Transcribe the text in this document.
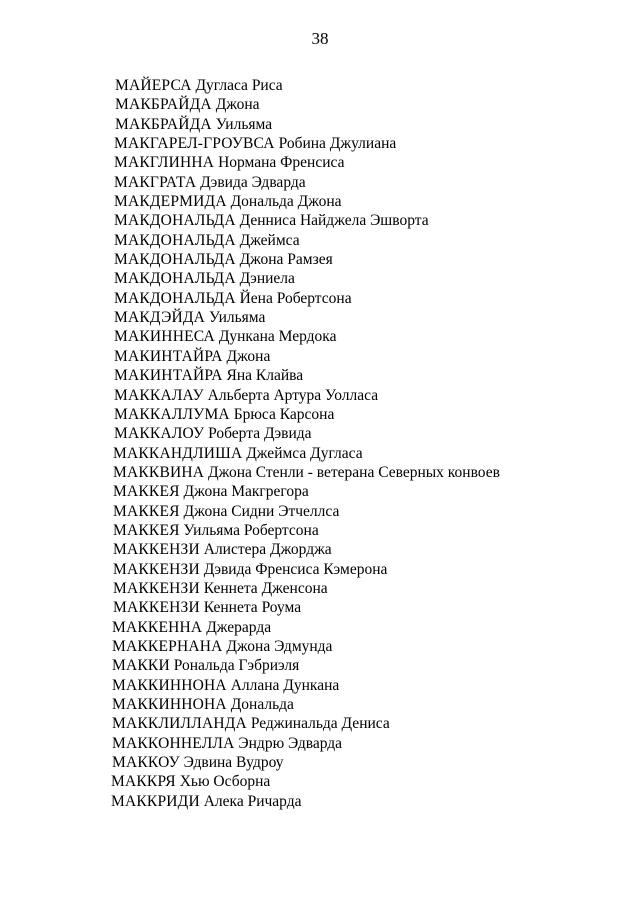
38
МАЙЕРСА Дугласа Риса
МАКБРАЙДА Джона
МАКБРАЙДА Уильяма
МАКГАРЕЛ-ГРОУВСА Робина Джулиана
МАКГЛИННА Нормана Френсиса
МАКГРАТА Дэвида Эдварда
МАКДЕРМИДА Дональда Джона
МАКДОНАЛЬДА Денниса Найджела Эшворта
МАКДОНАЛЬДА Джеймса
МАКДОНАЛЬДА Джона Рамзея
МАКДОНАЛЬДА Дэниела
МАКДОНАЛЬДА Йена Робертсона
МАКДЭЙДА Уильяма
МАКИННЕСА Дункана Мердока
МАКИНТАЙРА Джона
МАКИНТАЙРА Яна Клайва
МАККАЛАУ Альберта Артура Уолласа
МАККАЛЛУМА Брюса Карсона
МАККАЛОУ Роберта Дэвида
МАККАНДЛИША Джеймса Дугласа
МАККВИНА Джона Стенли - ветерана Северных конвоев
МАККЕЯ Джона Макгрегора
МАККЕЯ Джона Сидни Этчеллса
МАККЕЯ Уильяма Робертсона
МАККЕНЗИ Алистера Джорджа
МАККЕНЗИ Дэвида Френсиса Кэмерона
МАККЕНЗИ Кеннета Дженсона
МАККЕНЗИ Кеннета Роума
МАККЕННА Джерарда
МАККЕРНАНА Джона Эдмунда
МАККИ Рональда Гэбриэля
МАККИННОНА Аллана Дункана
МАККИННОНА Дональда
МАККЛИЛЛАНДА Реджинальда Дениса
МАККОННЕЛЛА Эндрю Эдварда
МАККОУ Эдвина Вудроу
МАККРЯ Хью Осборна
МАККРИДИ Алека Ричарда
